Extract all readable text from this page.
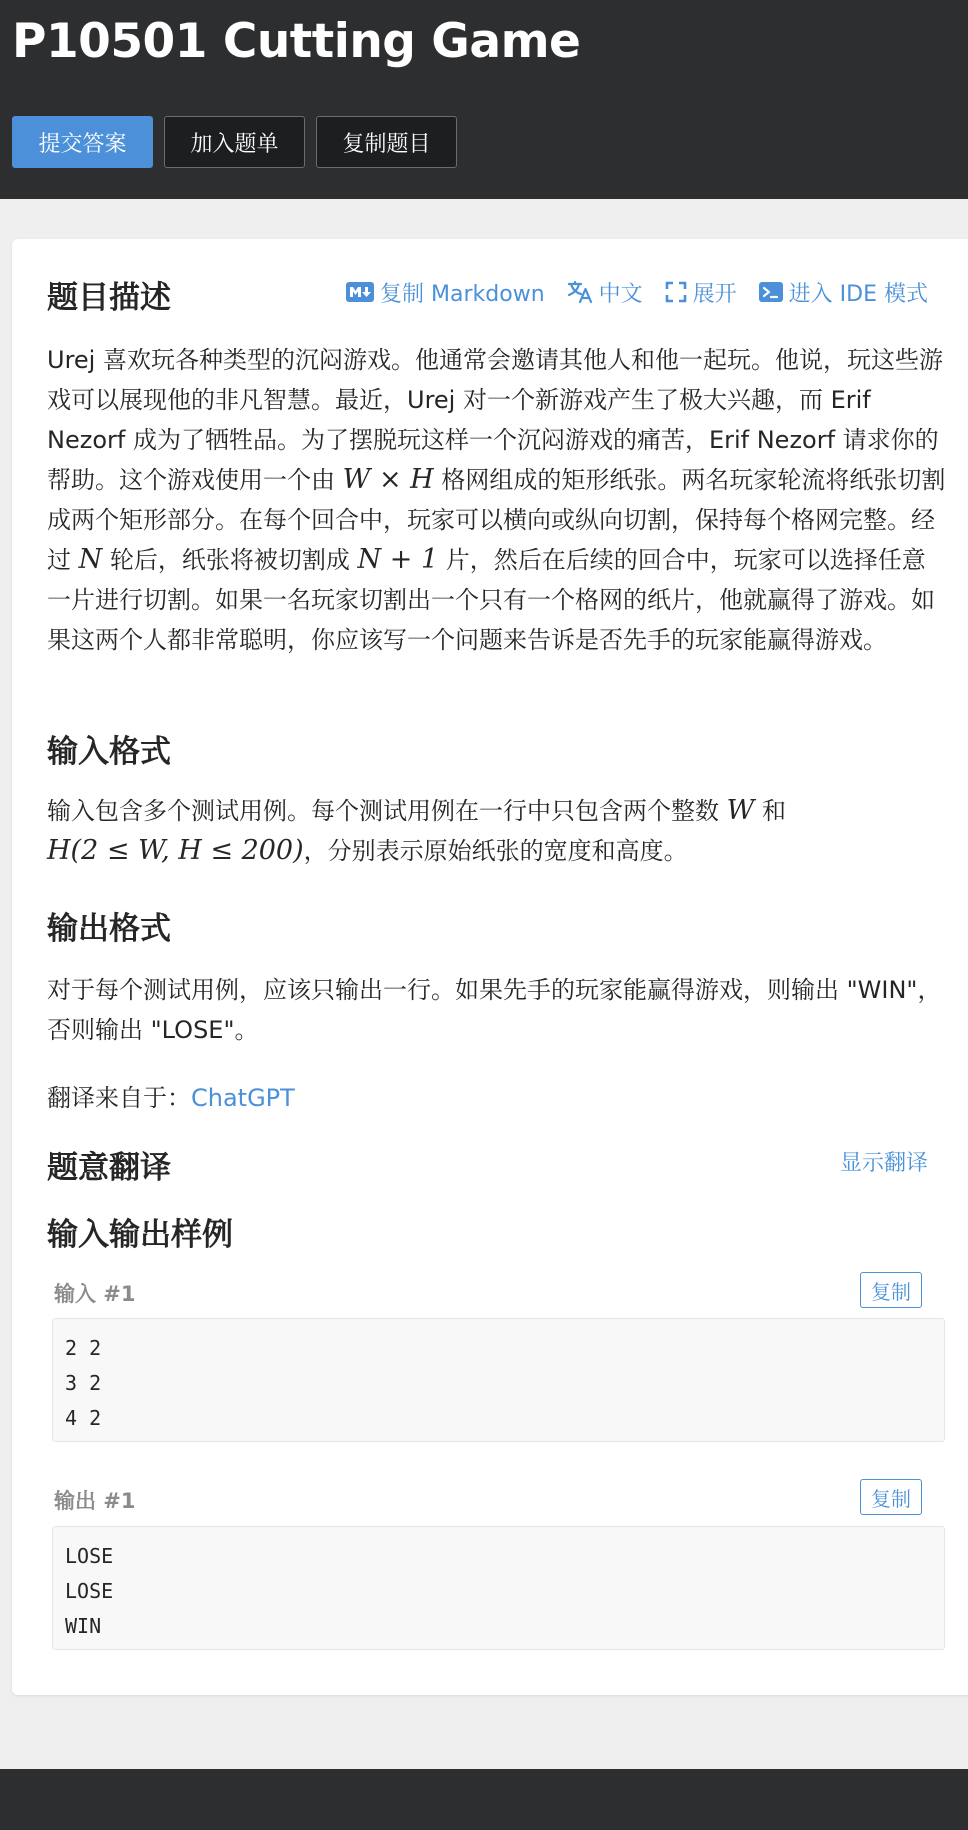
P10501 Cutting Game
提交答案	加入题单	复制题目
题目描述	复制 Markdown 中文 展开 进入 IDE 模式
Urej 喜欢玩各种类型的沉闷游戏。他通常会邀请其他人和他一起玩。他说，玩这些游戏可以展现他的非凡智慧。最近，Urej 对一个新游戏产生了极大兴趣，而 Erif Nezorf 成为了牺牲品。为了摆脱玩这样一个沉闷游戏的痛苦，Erif Nezorf 请求你的帮助。这个游戏使用一个由 W × H 格网组成的矩形纸张。两名玩家轮流将纸张切割成两个矩形部分。在每个回合中，玩家可以横向或纵向切割，保持每个格网完整。经过 N 轮后，纸张将被切割成 N + 1 片，然后在后续的回合中，玩家可以选择任意一片进行切割。如果一名玩家切割出一个只有一个格网的纸片，他就赢得了游戏。如果这两个人都非常聪明，你应该写一个问题来告诉是否先手的玩家能赢得游戏。
输入格式
输入包含多个测试用例。每个测试用例在一行中只包含两个整数 W 和
H(2 ≤ W, H ≤ 200)，分别表示原始纸张的宽度和高度。
输出格式
对于每个测试用例，应该只输出一行。如果先手的玩家能赢得游戏，则输出 "WIN"，否则输出 "LOSE"。
翻译来自于：ChatGPT
题意翻译	显示翻译
输入输出样例
输入 #1	复制
2 2
3 2
4 2
输出 #1	复制
LOSE
LOSE
WIN
